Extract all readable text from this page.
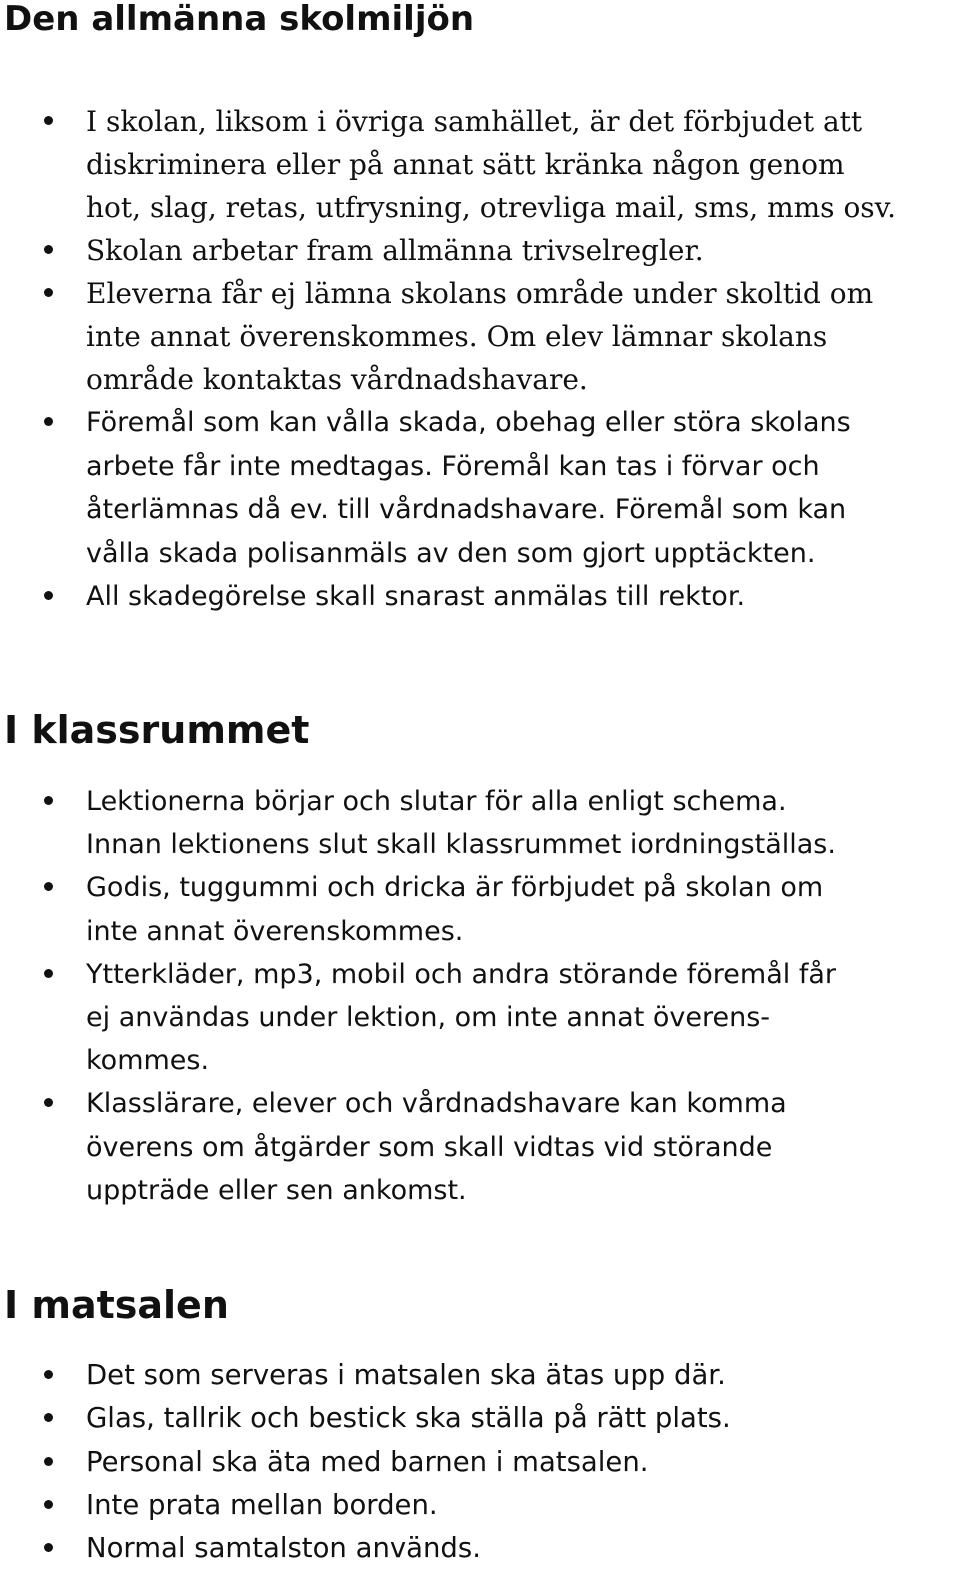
Den allmänna skolmiljön
I skolan, liksom i övriga samhället, är det förbjudet att
diskriminera eller på annat sätt kränka någon genom
hot, slag, retas, utfrysning, otrevliga mail, sms, mms osv.
Skolan arbetar fram allmänna trivselregler.
Eleverna får ej lämna skolans område under skoltid om
inte annat överenskommes. Om elev lämnar skolans
område kontaktas vårdnadshavare.
Föremål som kan vålla skada, obehag eller störa skolans
arbete får inte medtagas. Föremål kan tas i förvar och
återlämnas då ev. till vårdnadshavare. Föremål som kan
vålla skada polisanmäls av den som gjort upptäckten.
All skadegörelse skall snarast anmälas till rektor.
I klassrummet
Lektionerna börjar och slutar för alla enligt schema.
Innan lektionens slut skall klassrummet iordningställas.
Godis, tuggummi och dricka är förbjudet på skolan om
inte annat överenskommes.
Ytterkläder, mp3, mobil och andra störande föremål får
ej användas under lektion, om inte annat överens-
kommes.
Klasslärare, elever och vårdnadshavare kan komma
överens om åtgärder som skall vidtas vid störande
uppträde eller sen ankomst.
I matsalen
Det som serveras i matsalen ska ätas upp där.
Glas, tallrik och bestick ska ställa på rätt plats.
Personal ska äta med barnen i matsalen.
Inte prata mellan borden.
Normal samtalston används.
